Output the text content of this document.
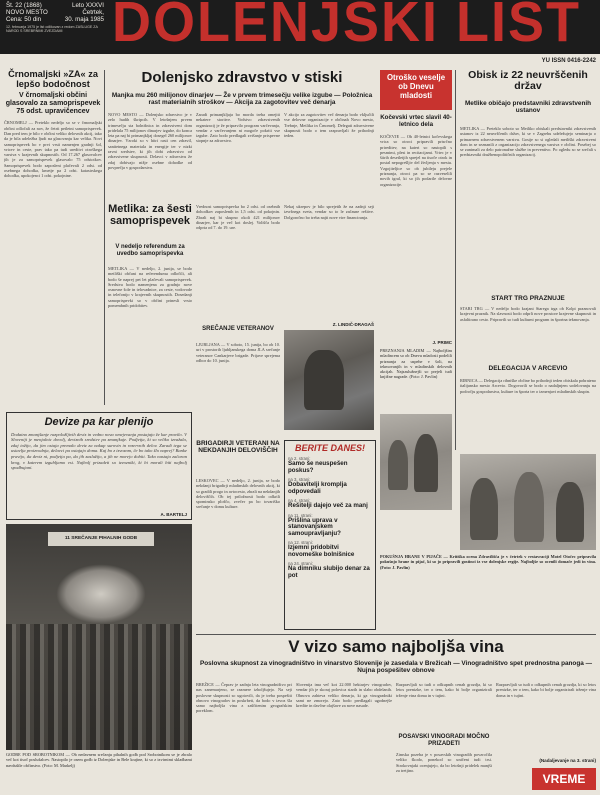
Št. 22 (1868)	Leto XXXVI
NOVO MESTO	Četrtek,
Cena: 50 din	30. maja 1985
12. februarja 1975 je list odlikovan z redom ZASLUGE ZA NAROD S SREBRNIMI ZVEZDAMI DOLENJSKI LIST
YU ISSN 0416-2242
Črnomaljski »ZA« za lepšo bodočnost
V črnomaljski občini glasovalo za samoprispevek 75 odst. upravičencev
ČRNOMELJ — Preteklo nedeljo so se v črnomaljski občini odločali za nov, že četrti petletni samoprispevek. Dan pred tem je bilo v občini veliko delovnih akcij, tako da je bila udeležba ljudi na glasovanju kar velika. Novi samoprispevek bo v prvi vrsti namenjen gradnji šol, vrtcev in ceste, prav tako pa tudi ureditvi otroškega varstva v krajevnih skupnostih. Od 17.267 glasovalcev jih je za samoprispevek glasovalo 75 odstotkov. Samoprispevek bodo zaposleni plačevali 2 odst. od osebnega dohodka, kmetje pa 2 odst. katastrskega dohodka, upokojenci 1 odst. pokojnine.
Dolenjsko zdravstvo v stiski
Manjka mu 260 milijonov dinarjev — Že v prvem trimesečju velike izgube — Položnica rast materialnih stroškov — Akcija za zagotovitev več denarja
NOVO MESTO — Dolenjsko zdravstvo je v zelo hudih škripcih. V letošnjem prvem trimesečju sta bolnišnica in zdravstveni dom pridelala 75 milijonov dinarjev izgube, do konca leta pa naj bi primanjkljaj dosegel 260 milijonov dinarjev. Vzroki so v hitri rasti cen zdravil, sanitetnega materiala in energije ter v nizki ravni sredstev, ki jih dobi zdravstvo od zdravstvene skupnosti. Delavci v zdravstvu že zdaj dobivajo nižje osebne dohodke od povprečja v gospodarstvu.
Zaradi primanjkljaja bo morda treba omejiti nekatere storitve. Vodstvo zdravstvenih organizacij je že pripravilo program varčevanja, vendar z varčevanjem ni mogoče pokriti vse izgube. Zato bodo predlagali zvišanje prispevne stopnje za zdravstvo.
V akcijo za zagotovitev več denarja bodo vključili vse delovne organizacije v občinah Novo mesto, Trebnje, Metlika in Črnomelj. Delegati zdravstvene skupnosti bodo o tem razpravljali že prihodnji teden.
Metlika: za šesti samoprispevek
V nedeljo referendum za uvedbo samoprispevka
METLIKA — V nedeljo, 2. junija, se bodo metliški občani na referendumu odločili, ali bodo še naprej pet let plačevali samoprispevek. Sredstva bodo namenjena za gradnjo nove osnovne šole in telovadnice, za ceste, vodovode in telefonijo v krajevnih skupnostih. Dosedanji samoprispevki so v občini prinesli vrsto pomembnih pridobitev.
Vrednost samoprispevka bo 2 odst. od osebnih dohodkov zaposlenih in 1,5 odst. od pokojnin. Zbrali naj bi skupno okoli 421 milijonov dinarjev, kar je več kot doslej. Volišča bodo odprta od 7. do 19. ure.
Nekaj ukrepov je bilo sprejetih že na zadnji seji izvršnega sveta, vendar so to le začasne rešitve. Dolgoročno bo treba najti nove vire financiranja.
Z. LINDIČ-DRAGAŠ
SREČANJE VETERANOV
LJUBLJANA — V soboto, 15. junija, bo ob 10. uri v prostorih ljubljanskega doma JLA srečanje veteranov Cankarjeve brigade. Prijave sprejema odbor do 10. junija.
BRIGADIRJI VETERANI NA NEKDANJIH DELOVIŠČIH
LESKOVEC — V nedeljo, 2. junija, se bodo nekdanji brigadirji mladinskih delovnih akcij, ki so gradili progo in avtocesto, zbrali na nekdanjih deloviščih. Ob tej priložnosti bodo odkrili spominsko ploščo, zvečer pa bo tovariško srečanje v domu kulture.
Devize pa kar plenijo
Dodatno zmanjšanje razpoložljivih deviz in vedno nova omejevanja postajajo že kar pravilo. V Sloveniji je menjalnic dovolj, deviznih sredstev pa zmanjkuje. Podjetja, ki so veliko izvažala, zdaj tožijo, da jim ostaja premalo deviz za nakup surovin in rezervnih delov. Zaradi tega se ustavlja proizvodnja, delavci pa ostajajo doma. Kaj bo z izvozom, če bo tako šlo naprej? Banke pravijo, da deviz ni, podjetja pa, da jih zaslužijo, a jih ne morejo dobiti. Tako nastaja začaran krog, v katerem izgubljamo vsi. Najbolj prizadeti so izvozniki, ki bi morali biti najbolj spodbujani.
A. BARTELJ
11 SREČANJE PIHALNIH GODB
GODBE POD SROBOTNIKOM — Ob nedavnem srečanju pihalnih godb pod Srobotnikom se je zbralo več kot tisoč poslušalcev. Nastopilo je osem godb iz Dolenjske in Bele krajine, ki so z izvirnimi skladbami navdušile občinstvo. (Foto: M. Markelj)
Otroško veselje ob Dnevu mladosti
Kočevski vrtec slavil 40-letnico dela
KOČEVJE — Ob 40-letnici kočevskega vrtca so otroci pripravili prisrčno prireditev, na kateri so nastopili s pesmimi, plesi in recitacijami. Vrtec je v štirih desetletjih sprejel na tisoče otrok in postal nepogrešljiv del življenja v mestu. Vzgojiteljice so ob jubileju prejele priznanja, otroci pa so se razveselili novih igral, ki so jih podarile delovne organizacije.
J. PRIMC
PREZNANJA MLADIM — Najboljšim mladincem so ob Dnevu mladosti podelili priznanja za uspehe v šoli, na tekmovanjih in v mladinskih delovnih akcijah. Najzaslužnejši so prejeli tudi knjižne nagrade. (Foto: J. Pavlin)
BERITE DANES!
na 2. strani:
Samo še neuspešen poskus?
na 3. strani:
Dobavitelji kromplja odpovedali
na 4. strani:
Rešitelji dajejo več za manj
na 11. strani:
Prišlina uprava v stanovanjskem samoupravljanju?
na 12. strani:
Izjemni pridobitvi novomeške bolnišnice
na 24. strani:
Na dimniku slubijo denar za pot
Obisk iz 22 neuvrščenih držav
Metlike običajo predstavniki zdravstvenih ustanov
METLIKA — Preteklo soboto so Metliko obiskali predstavniki zdravstvenih ustanov iz 22 neuvrščenih držav, ki se v Zagrebu udeležujejo seminarja o primarnem zdravstvenem varstvu. Gostje so si ogledali metliški zdravstveni dom in se seznanili z organizacijo zdravstvenega varstva v občini. Posebej so se zanimali za delo patronažne službe in preventivo. Po ogledu so se srečali s predstavniki družbenopolitičnih organizacij.
START TRG PRAZNUJE
STARI TRG — V nedeljo bodo krajani Starega trga ob Kolpi praznovali krajevni praznik. Na slavnosti bodo odprli nove prostore krajevne skupnosti in asfaltirano cesto. Pripravili so tudi kulturni program in športna tekmovanja.
DELEGACIJA V ARCEVIO
RIBNICA — Delegacija ribniške občine bo prihodnji teden obiskala pobrateno italijansko mesto Arcevio. Dogovorili se bodo o nadaljnjem sodelovanju na področju gospodarstva, kulture in športa ter o izmenjavi mladinskih skupin.
POKUŠNJA HRANE V PIJAČE — Kritiška ocena Zdravilišča je v četrtek v restavraciji Motel Otočec pripravila pokušnjo hrane in pijač, ki so jo pripravili gostinci iz vse dolenjske regije. Najboljše so ocenili domače jedi in vina. (Foto: J. Pavlin)
V vizo samo najboljša vina
Poslovna skupnost za vinogradništvo in vinarstvo Slovenije je zasedala v Brežicah — Vinogradništvo spet prednostna panoga — Nujna pospešitev obnove
BREŽICE — Čeprav je zadnja leta vinogradništvo pri nas zanemarjeno, se razmere izboljšujejo. Na seji poslovne skupnosti so ugotovili, da je treba pospešiti obnovo vinogradov in poskrbeti, da bodo v izvoz šla samo najboljša vina z zaščitenim geografskim poreklom.
Slovenija ima več kot 22.000 hektarjev vinogradov, vendar jih je skoraj polovica starih in slabo obdelanih. Obnova zahteva veliko denarja, ki ga vinogradniki sami ne zmorejo. Zato bodo predlagali ugodnejše kredite in davčne olajšave za nove nasade.
Razpravljali so tudi o odkupnih cenah grozdja, ki so letos prenizke, ter o tem, kako bi bolje organizirali trženje vina doma in v tujini.
POSAVSKI VINOGRADI MOČNO PRIZADETI
Zimska pozeba je v posavskih vinogradih povzročila veliko škodo, ponekod so uničeni tudi trsi. Strokovnjaki ocenjujejo, da bo letošnji pridelek manjši za tretjino.
Razpravljali so tudi o odkupnih cenah grozdja, ki so letos prenizke, ter o tem, kako bi bolje organizirali trženje vina doma in v tujini.
(Nadaljevanje na 3. strani)
VREME
